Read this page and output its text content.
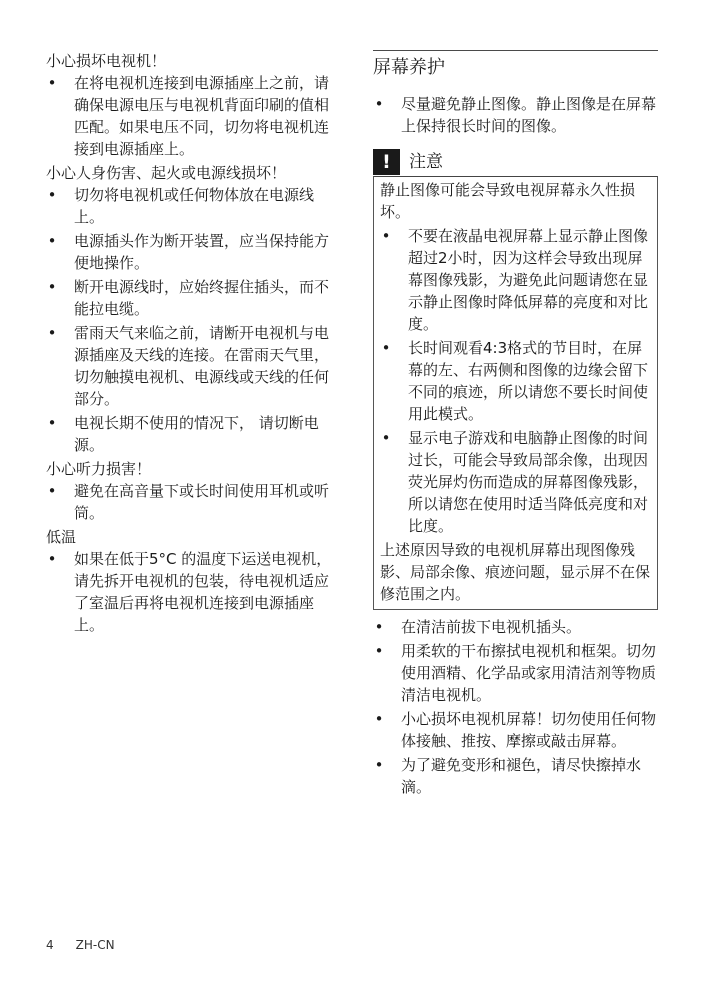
小心损坏电视机！

• 在将电视机连接到电源插座上之前，请确保电源电压与电视机背面印刷的值相匹配。如果电压不同，切勿将电视机连接到电源插座上。

小心人身伤害、起火或电源线损坏！

• 切勿将电视机或任何物体放在电源线上。
• 电源插头作为断开装置，应当保持能方便地操作。
• 断开电源线时，应始终握住插头，而不能拉电缆。
• 雷雨天气来临之前，请断开电视机与电源插座及天线的连接。在雷雨天气里，切勿触摸电视机、电源线或天线的任何部分。
• 电视长期不使用的情况下， 请切断电源。

小心听力损害！

• 避免在高音量下或长时间使用耳机或听筒。

低温

• 如果在低于5°C 的温度下运送电视机，请先拆开电视机的包装，待电视机适应了室温后再将电视机连接到电源插座上。
屏幕养护
• 尽量避免静止图像。静止图像是在屏幕上保持很长时间的图像。
!	注意

静止图像可能会导致电视屏幕永久性损坏。

• 不要在液晶电视屏幕上显示静止图像超过2小时，因为这样会导致出现屏幕图像残影，为避免此问题请您在显示静止图像时降低屏幕的亮度和对比度。
• 长时间观看4:3格式的节目时，在屏幕的左、右两侧和图像的边缘会留下不同的痕迹，所以请您不要长时间使用此模式。
• 显示电子游戏和电脑静止图像的时间过长，可能会导致局部余像，出现因荧光屏灼伤而造成的屏幕图像残影，所以请您在使用时适当降低亮度和对比度。

上述原因导致的电视机屏幕出现图像残影、局部余像、痕迹问题，显示屏不在保修范围之内。

• 在清洁前拔下电视机插头。
• 用柔软的干布擦拭电视机和框架。切勿使用酒精、化学品或家用清洁剂等物质清洁电视机。
• 小心损坏电视机屏幕！切勿使用任何物体接触、推按、摩擦或敲击屏幕。
• 为了避免变形和褪色，请尽快擦掉水滴。
4 ZH-CN
